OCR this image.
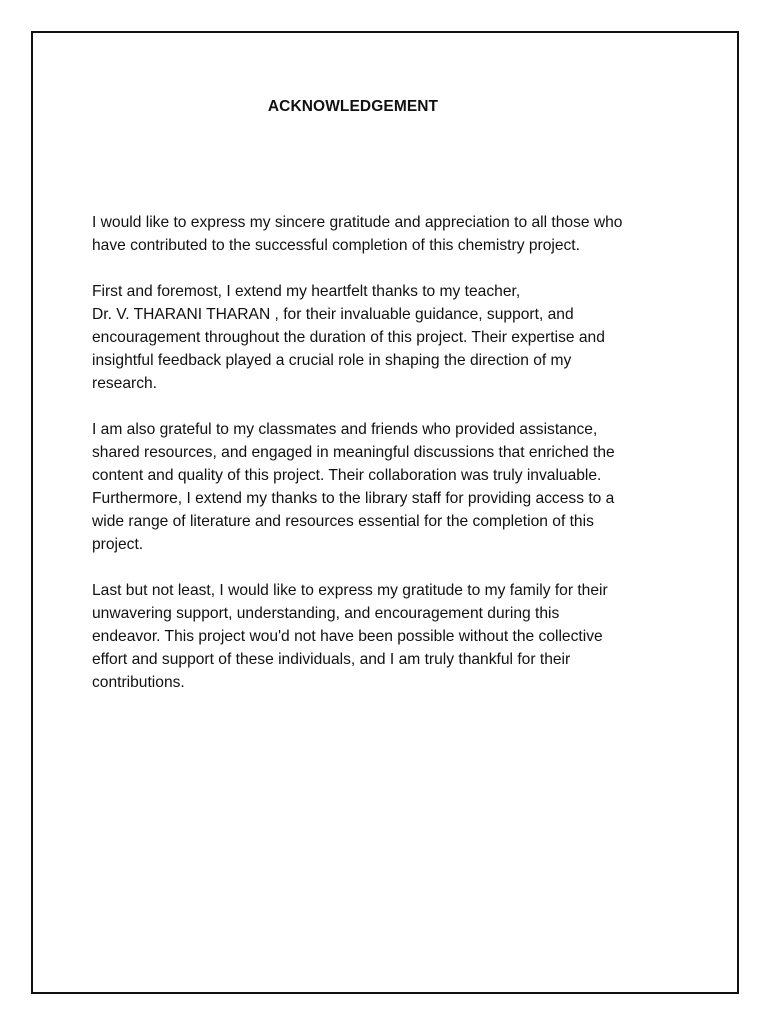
ACKNOWLEDGEMENT

I would like to express my sincere gratitude and appreciation to all those who
have contributed to the successful completion of this chemistry project.

First and foremost, I extend my heartfelt thanks to my teacher,
Dr. V. THARANI THARAN , for their invaluable guidance, support, and
encouragement throughout the duration of this project. Their expertise and
insightful feedback played a crucial role in shaping the direction of my
research.

I am also grateful to my classmates and friends who provided assistance,
shared resources, and engaged in meaningful discussions that enriched the
content and quality of this project. Their collaboration was truly invaluable.
Furthermore, I extend my thanks to the library staff for providing access to a
wide range of literature and resources essential for the completion of this
project.

Last but not least, I would like to express my gratitude to my family for their
unwavering support, understanding, and encouragement during this
endeavor. This project wou'd not have been possible without the collective
effort and support of these individuals, and I am truly thankful for their
contributions.
